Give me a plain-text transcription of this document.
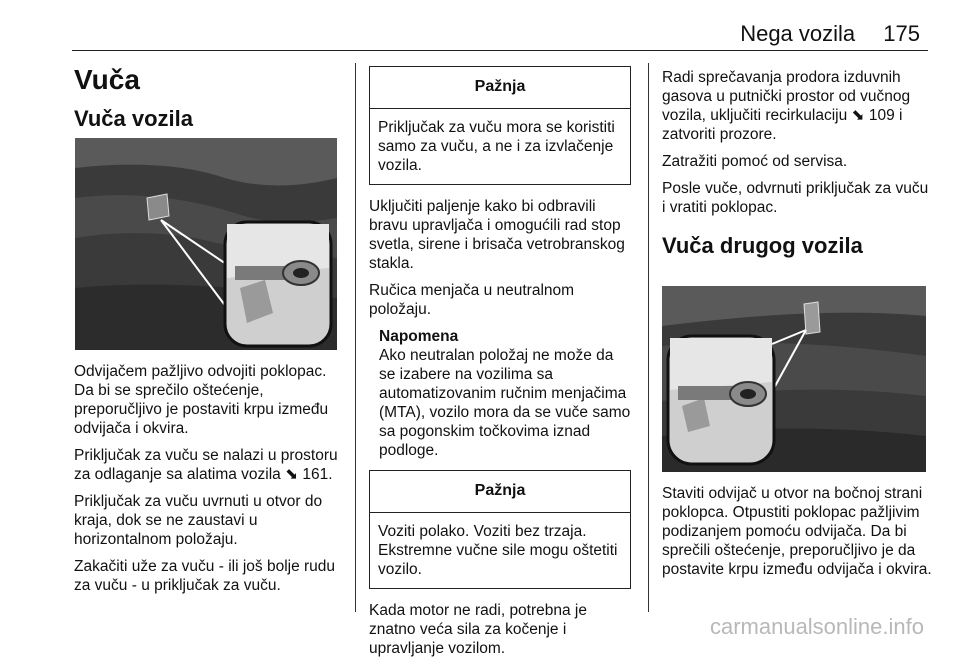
Nega vozila 175
Vuča
Vuča vozila

Odvijačem pažljivo odvojiti poklopac. Da bi se sprečilo oštećenje, preporučljivo je postaviti krpu između odvijača i okvira.

Priključak za vuču se nalazi u prostoru za odlaganje sa alatima vozila ⬊ 161.

Priključak za vuču uvrnuti u otvor do kraja, dok se ne zaustavi u horizontalnom položaju.

Zakačiti uže za vuču - ili još bolje rudu za vuču - u priključak za vuču.

Pažnja
Priključak za vuču mora se koristiti samo za vuču, a ne i za izvlačenje vozila.

Uključiti paljenje kako bi odbravili bravu upravljača i omogućili rad stop svetla, sirene i brisača vetrobranskog stakla.

Ručica menjača u neutralnom položaju.

Napomena
Ako neutralan položaj ne može da se izabere na vozilima sa automatizovanim ručnim menjačima (MTA), vozilo mora da se vuče samo sa pogonskim točkovima iznad podloge.
Pažnja
Voziti polako. Voziti bez trzaja. Ekstremne vučne sile mogu oštetiti vozilo.

Kada motor ne radi, potrebna je znatno veća sila za kočenje i upravljanje vozilom.

Radi sprečavanja prodora izduvnih gasova u putnički prostor od vučnog vozila, uključiti recirkulaciju ⬊ 109 i zatvoriti prozore.

Zatražiti pomoć od servisa.

Posle vuče, odvrnuti priključak za vuču i vratiti poklopac.

Vuča drugog vozila

Staviti odvijač u otvor na bočnoj strani poklopca. Otpustiti poklopac pažljivim podizanjem pomoću odvijača. Da bi sprečili oštećenje, preporučljivo je da postavite krpu između odvijača i okvira.

carmanualsonline.info
